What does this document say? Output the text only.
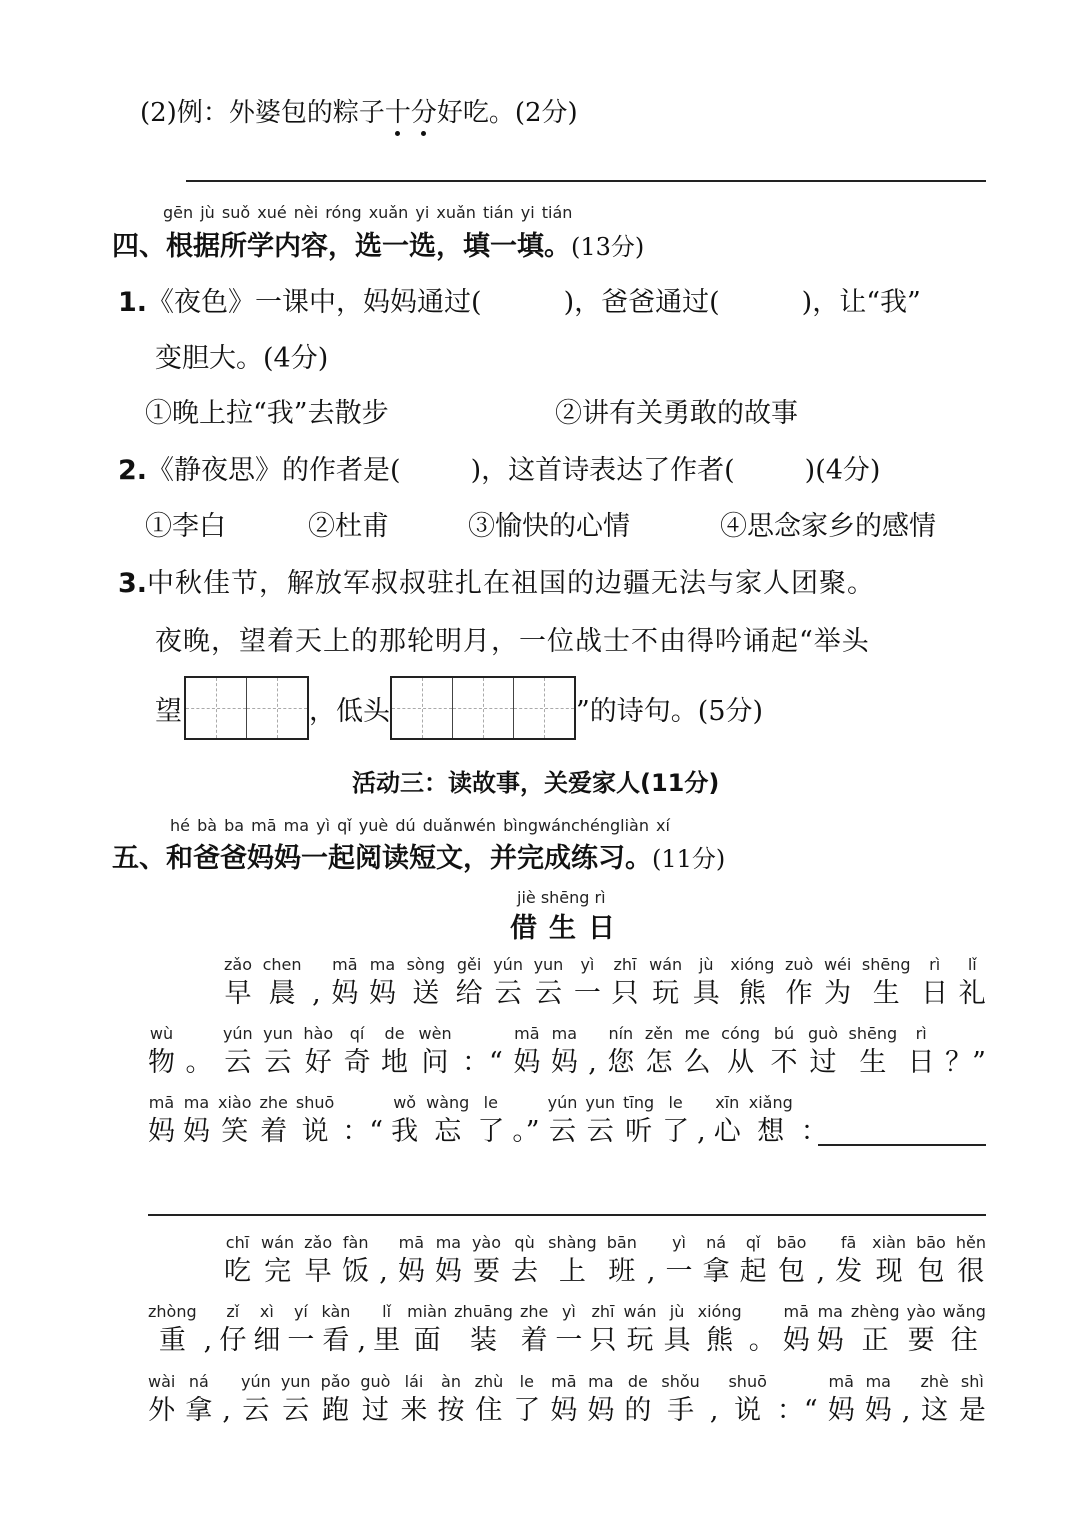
(2)例：外婆包的粽子十分好吃。(2分)
gēn jù suǒ xué nèi róng xuǎn yi xuǎn tián yi tián
四、根据所学内容，选一选，填一填。(13分)
1.《夜色》一课中，妈妈通过(	)，爸爸通过(	)，让“我”
变胆大。(4分)
①晚上拉“我”去散步	②讲有关勇敢的故事
2.《静夜思》的作者是(	)，这首诗表达了作者(	)(4分)
①李白	②杜甫	③愉快的心情	④思念家乡的感情
3.中秋佳节，解放军叔叔驻扎在祖国的边疆无法与家人团聚。
夜晚，望着天上的那轮明月，一位战士不由得吟诵起“举头
望	，低头	”的诗句。(5分)
活动三：读故事，关爱家人(11分)
hé bà ba mā ma yì qǐ yuè dú duǎnwén bìngwánchéngliàn xí
五、和爸爸妈妈一起阅读短文，并完成练习。(11分)
jiè shēng rì
借生日
zǎo
早
chen
晨 ,
mā
妈
ma
妈
sòng
送
gěi
给
yún
云
yun
云
yì
一
zhī
只
wán
玩
jù
具
xióng
熊
zuò
作
wéi
为
shēng
生
rì
日
lǐ
礼
wù
物 。
yún
云
yun
云
hào
好
qí
奇
de
地
wèn
问 ：“
mā
妈
ma
妈 ,
nín
您
zěn
怎
me
么
cóng
从
bú
不
guò
过
shēng
生
rì
日 ？”
mā
妈
ma
妈
xiào
笑
zhe
着
shuō
说 ：“
wǒ
我
wàng
忘
le
了 。”
yún
云
yun
云
tīng
听
le
了 ,
xīn
心
xiǎng
想 ：
chī
吃
wán
完
zǎo
早
fàn
饭 ,
mā
妈
ma
妈
yào
要
qù
去
shàng
上
bān
班 ,
yì
一
ná
拿
qǐ
起
bāo
包 ,
fā
发
xiàn
现
bāo
包
hěn
很
zhòng
重 ,
zǐ
仔
xì
细
yí
一
kàn
看 ,
lǐ
里
miàn
面
zhuāng
装
zhe
着
yì
一
zhī
只
wán
玩
jù
具
xióng
熊 。
mā
妈
ma
妈
zhèng
正
yào
要
wǎng
往
wài
外
ná
拿 ,
yún
云
yun
云
pǎo
跑
guò
过
lái
来
àn
按
zhù
住
le
了
mā
妈
ma
妈
de
的
shǒu
手 ,
shuō
说 ：“
mā
妈
ma
妈 ,
zhè
这
shì
是
